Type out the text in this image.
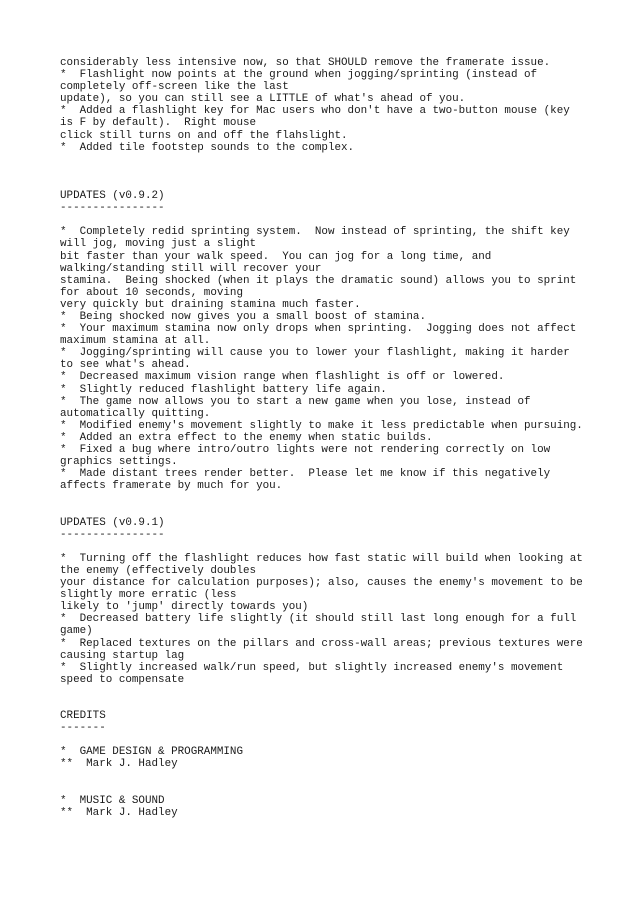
considerably less intensive now, so that SHOULD remove the framerate issue.
*  Flashlight now points at the ground when jogging/sprinting (instead of
completely off-screen like the last
update), so you can still see a LITTLE of what's ahead of you.
*  Added a flashlight key for Mac users who don't have a two-button mouse (key
is F by default).  Right mouse
click still turns on and off the flahslight.
*  Added tile footstep sounds to the complex.
UPDATES (v0.9.2)
----------------
*  Completely redid sprinting system.  Now instead of sprinting, the shift key
will jog, moving just a slight
bit faster than your walk speed.  You can jog for a long time, and
walking/standing still will recover your
stamina.  Being shocked (when it plays the dramatic sound) allows you to sprint
for about 10 seconds, moving
very quickly but draining stamina much faster.
*  Being shocked now gives you a small boost of stamina.
*  Your maximum stamina now only drops when sprinting.  Jogging does not affect
maximum stamina at all.
*  Jogging/sprinting will cause you to lower your flashlight, making it harder
to see what's ahead.
*  Decreased maximum vision range when flashlight is off or lowered.
*  Slightly reduced flashlight battery life again.
*  The game now allows you to start a new game when you lose, instead of
automatically quitting.
*  Modified enemy's movement slightly to make it less predictable when pursuing.
*  Added an extra effect to the enemy when static builds.
*  Fixed a bug where intro/outro lights were not rendering correctly on low
graphics settings.
*  Made distant trees render better.  Please let me know if this negatively
affects framerate by much for you.
UPDATES (v0.9.1)
----------------
*  Turning off the flashlight reduces how fast static will build when looking at
the enemy (effectively doubles
your distance for calculation purposes); also, causes the enemy's movement to be
slightly more erratic (less
likely to 'jump' directly towards you)
*  Decreased battery life slightly (it should still last long enough for a full
game)
*  Replaced textures on the pillars and cross-wall areas; previous textures were
causing startup lag
*  Slightly increased walk/run speed, but slightly increased enemy's movement
speed to compensate
CREDITS
-------
*  GAME DESIGN & PROGRAMMING
**  Mark J. Hadley
*  MUSIC & SOUND
**  Mark J. Hadley
